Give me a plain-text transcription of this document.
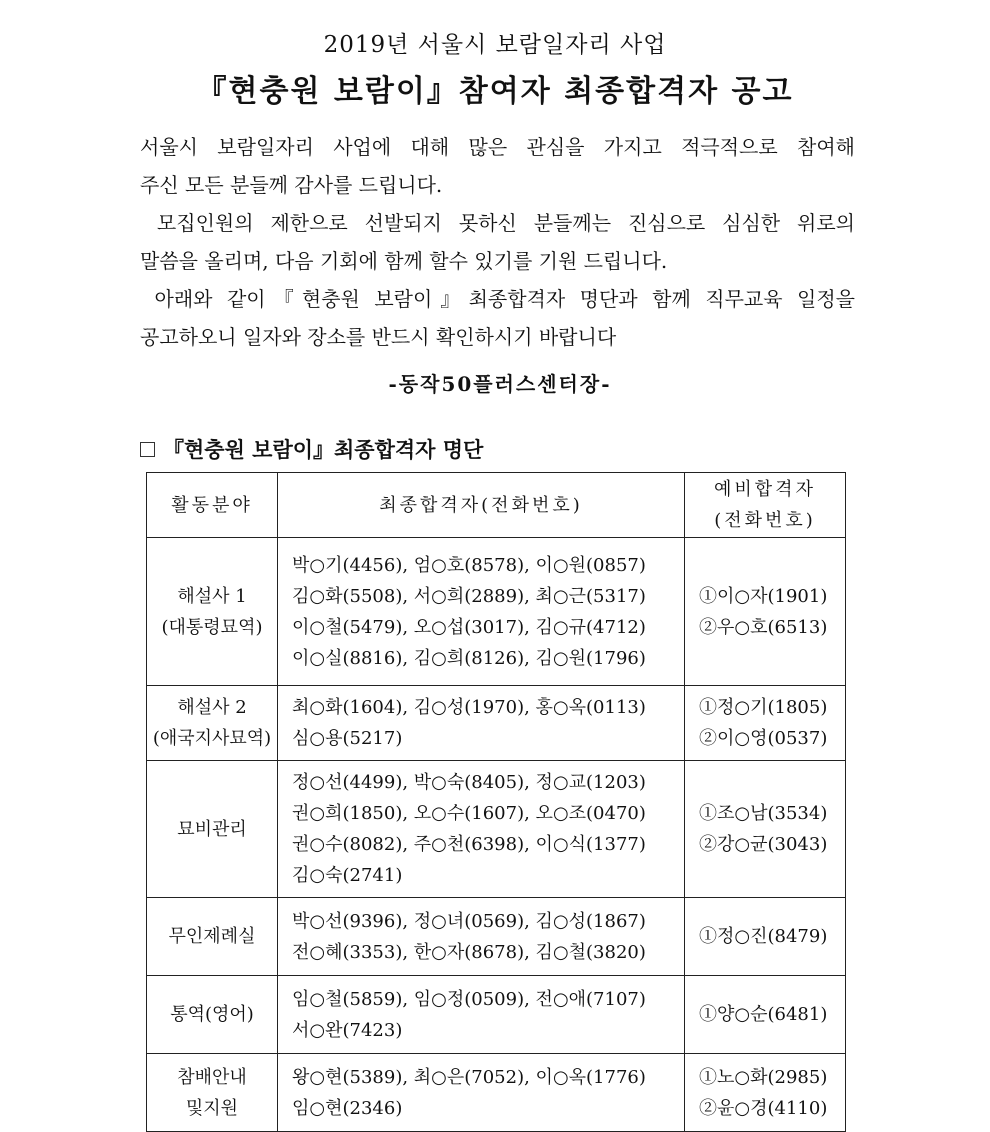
2019년 서울시 보람일자리 사업
『현충원 보람이』참여자 최종합격자 공고

서울시 보람일자리 사업에 대해 많은 관심을 가지고 적극적으로 참여해

주신 모든 분들께 감사를 드립니다.

모집인원의 제한으로 선발되지 못하신 분들께는 진심으로 심심한 위로의

말씀을 올리며, 다음 기회에 함께 할수 있기를 기원 드립니다.

아래와 같이『현충원 보람이』최종합격자 명단과 함께 직무교육 일정을

공고하오니 일자와 장소를 반드시 확인하시기 바랍니다

-동작50플러스센터장-
『현충원 보람이』최종합격자 명단
활동분야	최종합격자(전화번호)	예비합격자
(전화번호)

해설사 1
(대통령묘역)	박○기(4456), 엄○호(8578), 이○원(0857)
김○화(5508), 서○희(2889), 최○근(5317)
이○철(5479), 오○섭(3017), 김○규(4712)
이○실(8816), 김○희(8126), 김○원(1796)	①이○자(1901)
②우○호(6513)

해설사 2
(애국지사묘역)	최○화(1604), 김○성(1970), 홍○옥(0113)
심○용(5217)	①정○기(1805)
②이○영(0537)

묘비관리	정○선(4499), 박○숙(8405), 정○교(1203)
권○희(1850), 오○수(1607), 오○조(0470)
권○수(8082), 주○천(6398), 이○식(1377)
김○숙(2741)	①조○남(3534)
②강○균(3043)

무인제례실	박○선(9396), 정○녀(0569), 김○성(1867)
전○혜(3353), 한○자(8678), 김○철(3820)	①정○진(8479)

통역(영어)	임○철(5859), 임○정(0509), 전○애(7107)
서○완(7423)	①양○순(6481)

참배안내
및지원	왕○현(5389), 최○은(7052), 이○옥(1776)
임○현(2346)	①노○화(2985)
②윤○경(4110)
